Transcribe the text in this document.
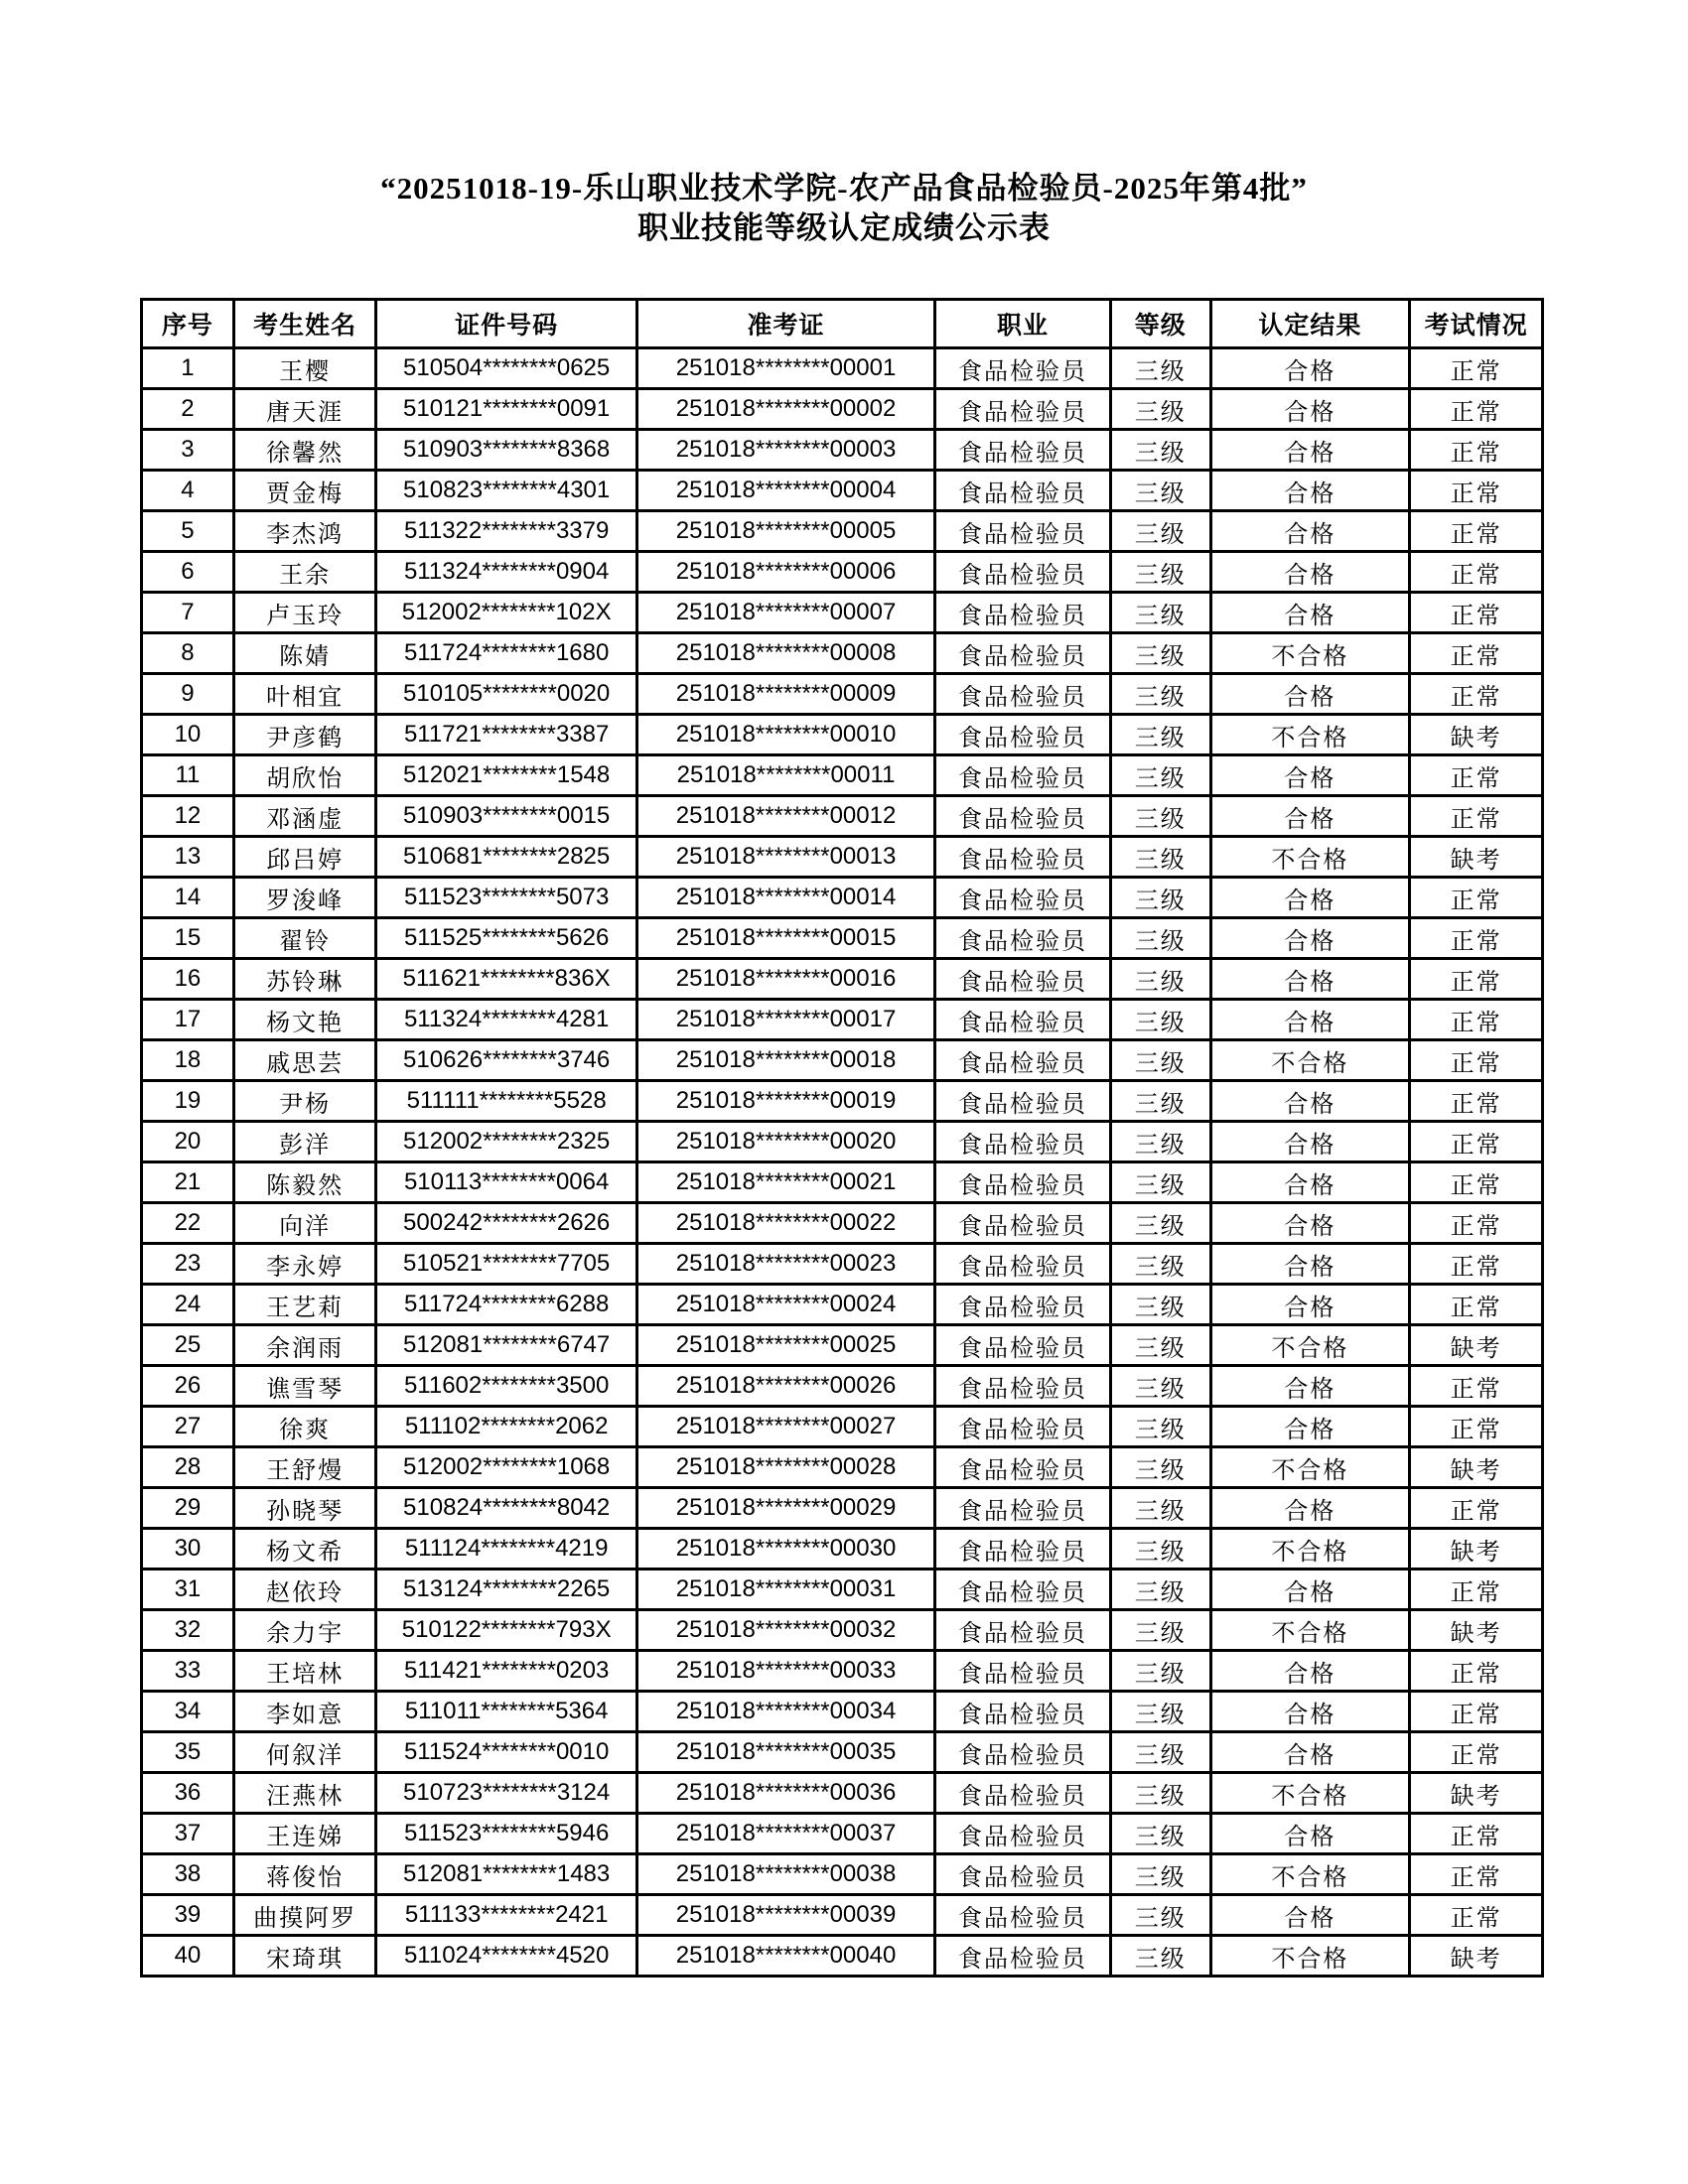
“20251018-19-乐山职业技术学院-农产品食品检验员-2025年第4批”
职业技能等级认定成绩公示表
序号	考生姓名	证件号码	准考证	职业	等级	认定结果	考试情况
1	王樱	510504********0625	251018********00001	食品检验员	三级	合格	正常
2	唐天涯	510121********0091	251018********00002	食品检验员	三级	合格	正常
3	徐馨然	510903********8368	251018********00003	食品检验员	三级	合格	正常
4	贾金梅	510823********4301	251018********00004	食品检验员	三级	合格	正常
5	李杰鸿	511322********3379	251018********00005	食品检验员	三级	合格	正常
6	王余	511324********0904	251018********00006	食品检验员	三级	合格	正常
7	卢玉玲	512002********102X	251018********00007	食品检验员	三级	合格	正常
8	陈婧	511724********1680	251018********00008	食品检验员	三级	不合格	正常
9	叶相宜	510105********0020	251018********00009	食品检验员	三级	合格	正常
10	尹彦鹤	511721********3387	251018********00010	食品检验员	三级	不合格	缺考
11	胡欣怡	512021********1548	251018********00011	食品检验员	三级	合格	正常
12	邓涵虚	510903********0015	251018********00012	食品检验员	三级	合格	正常
13	邱吕婷	510681********2825	251018********00013	食品检验员	三级	不合格	缺考
14	罗浚峰	511523********5073	251018********00014	食品检验员	三级	合格	正常
15	翟铃	511525********5626	251018********00015	食品检验员	三级	合格	正常
16	苏铃琳	511621********836X	251018********00016	食品检验员	三级	合格	正常
17	杨文艳	511324********4281	251018********00017	食品检验员	三级	合格	正常
18	戚思芸	510626********3746	251018********00018	食品检验员	三级	不合格	正常
19	尹杨	511111********5528	251018********00019	食品检验员	三级	合格	正常
20	彭洋	512002********2325	251018********00020	食品检验员	三级	合格	正常
21	陈毅然	510113********0064	251018********00021	食品检验员	三级	合格	正常
22	向洋	500242********2626	251018********00022	食品检验员	三级	合格	正常
23	李永婷	510521********7705	251018********00023	食品检验员	三级	合格	正常
24	王艺莉	511724********6288	251018********00024	食品检验员	三级	合格	正常
25	余润雨	512081********6747	251018********00025	食品检验员	三级	不合格	缺考
26	谯雪琴	511602********3500	251018********00026	食品检验员	三级	合格	正常
27	徐爽	511102********2062	251018********00027	食品检验员	三级	合格	正常
28	王舒熳	512002********1068	251018********00028	食品检验员	三级	不合格	缺考
29	孙晓琴	510824********8042	251018********00029	食品检验员	三级	合格	正常
30	杨文希	511124********4219	251018********00030	食品检验员	三级	不合格	缺考
31	赵依玲	513124********2265	251018********00031	食品检验员	三级	合格	正常
32	余力宇	510122********793X	251018********00032	食品检验员	三级	不合格	缺考
33	王培林	511421********0203	251018********00033	食品检验员	三级	合格	正常
34	李如意	511011********5364	251018********00034	食品检验员	三级	合格	正常
35	何叙洋	511524********0010	251018********00035	食品检验员	三级	合格	正常
36	汪燕林	510723********3124	251018********00036	食品检验员	三级	不合格	缺考
37	王连娣	511523********5946	251018********00037	食品检验员	三级	合格	正常
38	蒋俊怡	512081********1483	251018********00038	食品检验员	三级	不合格	正常
39	曲摸阿罗	511133********2421	251018********00039	食品检验员	三级	合格	正常
40	宋琦琪	511024********4520	251018********00040	食品检验员	三级	不合格	缺考
